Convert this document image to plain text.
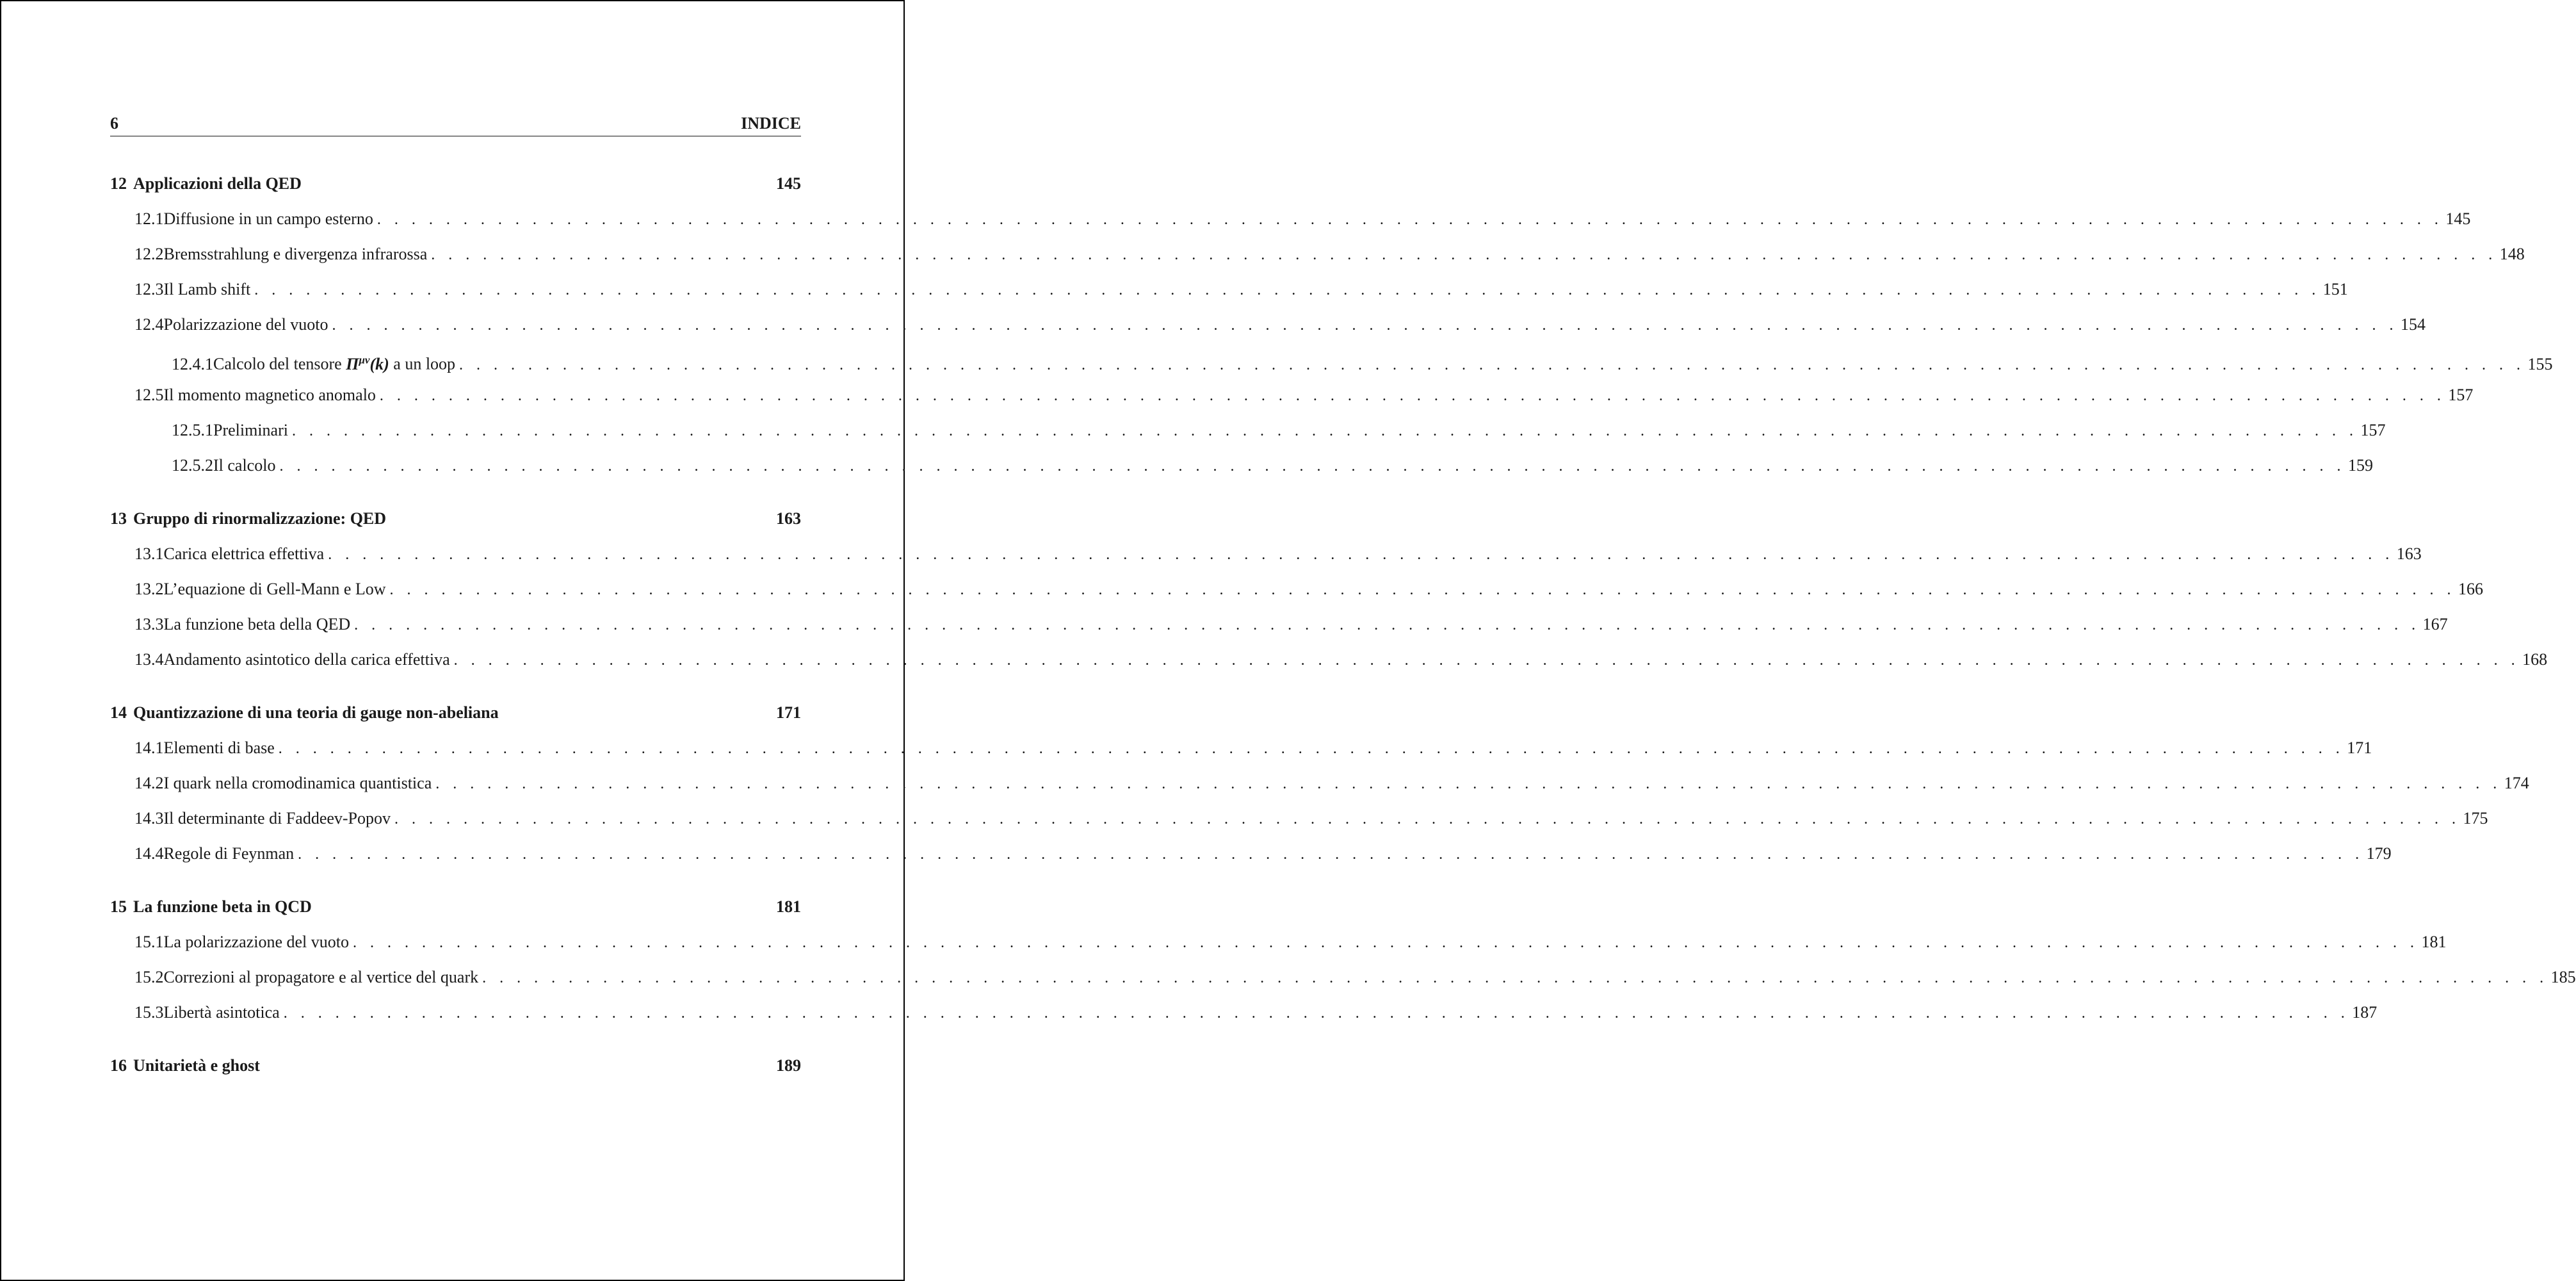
6	INDICE
12 Applicazioni della QED	145
12.1 Diffusione in un campo esterno . . . . . . . . . . . . . . . . . . . . . . . . . . . . . . . . . . . . . . . . . . . . . . . . . . . . . . . . . . . . . . . . . . . . . . . . . . . . . . . . . . . . . . . . . . . . . . . . . . . . . . . . . . . . . . . . . . . . . . . . 145
12.2 Bremsstrahlung e divergenza infrarossa . . . . . . . . . . . . . . . . . . . . . . . . . . . . . . . . . . . . . . . . . . . . . . . . . . . . . . . . . . . . . . . . . . . . . . . . . . . . . . . . . . . . . . . . . . . . . . . . . . . . . . . . . . . . . . . . . . . . . . . . 148
12.3 Il Lamb shift . . . . . . . . . . . . . . . . . . . . . . . . . . . . . . . . . . . . . . . . . . . . . . . . . . . . . . . . . . . . . . . . . . . . . . . . . . . . . . . . . . . . . . . . . . . . . . . . . . . . . . . . . . . . . . . . . . . . . . . . 151
12.4 Polarizzazione del vuoto . . . . . . . . . . . . . . . . . . . . . . . . . . . . . . . . . . . . . . . . . . . . . . . . . . . . . . . . . . . . . . . . . . . . . . . . . . . . . . . . . . . . . . . . . . . . . . . . . . . . . . . . . . . . . . . . . . . . . . . . 154
12.4.1 Calcolo del tensore $\Pi^{\mu\nu}(k)$ a un loop . . . . . . . . . . . . . . . . . . . . . . . . . . . . . . . . . . . . . . . . . . . . . . . . . . . . . . . . . . . . . . . . . . . . . . . . . . . . . . . . . . . . . . . . . . . . . . . . . . . . . . . . . . . . . . . . . . . . . . . . 155
12.5 Il momento magnetico anomalo . . . . . . . . . . . . . . . . . . . . . . . . . . . . . . . . . . . . . . . . . . . . . . . . . . . . . . . . . . . . . . . . . . . . . . . . . . . . . . . . . . . . . . . . . . . . . . . . . . . . . . . . . . . . . . . . . . . . . . . . 157
12.5.1 Preliminari . . . . . . . . . . . . . . . . . . . . . . . . . . . . . . . . . . . . . . . . . . . . . . . . . . . . . . . . . . . . . . . . . . . . . . . . . . . . . . . . . . . . . . . . . . . . . . . . . . . . . . . . . . . . . . . . . . . . . . . . 157
12.5.2 Il calcolo . . . . . . . . . . . . . . . . . . . . . . . . . . . . . . . . . . . . . . . . . . . . . . . . . . . . . . . . . . . . . . . . . . . . . . . . . . . . . . . . . . . . . . . . . . . . . . . . . . . . . . . . . . . . . . . . . . . . . . . . 159
13 Gruppo di rinormalizzazione: QED	163
13.1 Carica elettrica effettiva . . . . . . . . . . . . . . . . . . . . . . . . . . . . . . . . . . . . . . . . . . . . . . . . . . . . . . . . . . . . . . . . . . . . . . . . . . . . . . . . . . . . . . . . . . . . . . . . . . . . . . . . . . . . . . . . . . . . . . . . 163
13.2 L’equazione di Gell-Mann e Low . . . . . . . . . . . . . . . . . . . . . . . . . . . . . . . . . . . . . . . . . . . . . . . . . . . . . . . . . . . . . . . . . . . . . . . . . . . . . . . . . . . . . . . . . . . . . . . . . . . . . . . . . . . . . . . . . . . . . . . . 166
13.3 La funzione beta della QED . . . . . . . . . . . . . . . . . . . . . . . . . . . . . . . . . . . . . . . . . . . . . . . . . . . . . . . . . . . . . . . . . . . . . . . . . . . . . . . . . . . . . . . . . . . . . . . . . . . . . . . . . . . . . . . . . . . . . . . . 167
13.4 Andamento asintotico della carica effettiva . . . . . . . . . . . . . . . . . . . . . . . . . . . . . . . . . . . . . . . . . . . . . . . . . . . . . . . . . . . . . . . . . . . . . . . . . . . . . . . . . . . . . . . . . . . . . . . . . . . . . . . . . . . . . . . . . . . . . . . . 168
14 Quantizzazione di una teoria di gauge non-abeliana	171
14.1 Elementi di base . . . . . . . . . . . . . . . . . . . . . . . . . . . . . . . . . . . . . . . . . . . . . . . . . . . . . . . . . . . . . . . . . . . . . . . . . . . . . . . . . . . . . . . . . . . . . . . . . . . . . . . . . . . . . . . . . . . . . . . . 171
14.2 I quark nella cromodinamica quantistica . . . . . . . . . . . . . . . . . . . . . . . . . . . . . . . . . . . . . . . . . . . . . . . . . . . . . . . . . . . . . . . . . . . . . . . . . . . . . . . . . . . . . . . . . . . . . . . . . . . . . . . . . . . . . . . . . . . . . . . . 174
14.3 Il determinante di Faddeev-Popov . . . . . . . . . . . . . . . . . . . . . . . . . . . . . . . . . . . . . . . . . . . . . . . . . . . . . . . . . . . . . . . . . . . . . . . . . . . . . . . . . . . . . . . . . . . . . . . . . . . . . . . . . . . . . . . . . . . . . . . . 175
14.4 Regole di Feynman . . . . . . . . . . . . . . . . . . . . . . . . . . . . . . . . . . . . . . . . . . . . . . . . . . . . . . . . . . . . . . . . . . . . . . . . . . . . . . . . . . . . . . . . . . . . . . . . . . . . . . . . . . . . . . . . . . . . . . . . 179
15 La funzione beta in QCD	181
15.1 La polarizzazione del vuoto . . . . . . . . . . . . . . . . . . . . . . . . . . . . . . . . . . . . . . . . . . . . . . . . . . . . . . . . . . . . . . . . . . . . . . . . . . . . . . . . . . . . . . . . . . . . . . . . . . . . . . . . . . . . . . . . . . . . . . . . 181
15.2 Correzioni al propagatore e al vertice del quark . . . . . . . . . . . . . . . . . . . . . . . . . . . . . . . . . . . . . . . . . . . . . . . . . . . . . . . . . . . . . . . . . . . . . . . . . . . . . . . . . . . . . . . . . . . . . . . . . . . . . . . . . . . . . . . . . . . . . . . . 185
15.3 Libertà asintotica . . . . . . . . . . . . . . . . . . . . . . . . . . . . . . . . . . . . . . . . . . . . . . . . . . . . . . . . . . . . . . . . . . . . . . . . . . . . . . . . . . . . . . . . . . . . . . . . . . . . . . . . . . . . . . . . . . . . . . . . 187
16 Unitarietà e ghost	189
